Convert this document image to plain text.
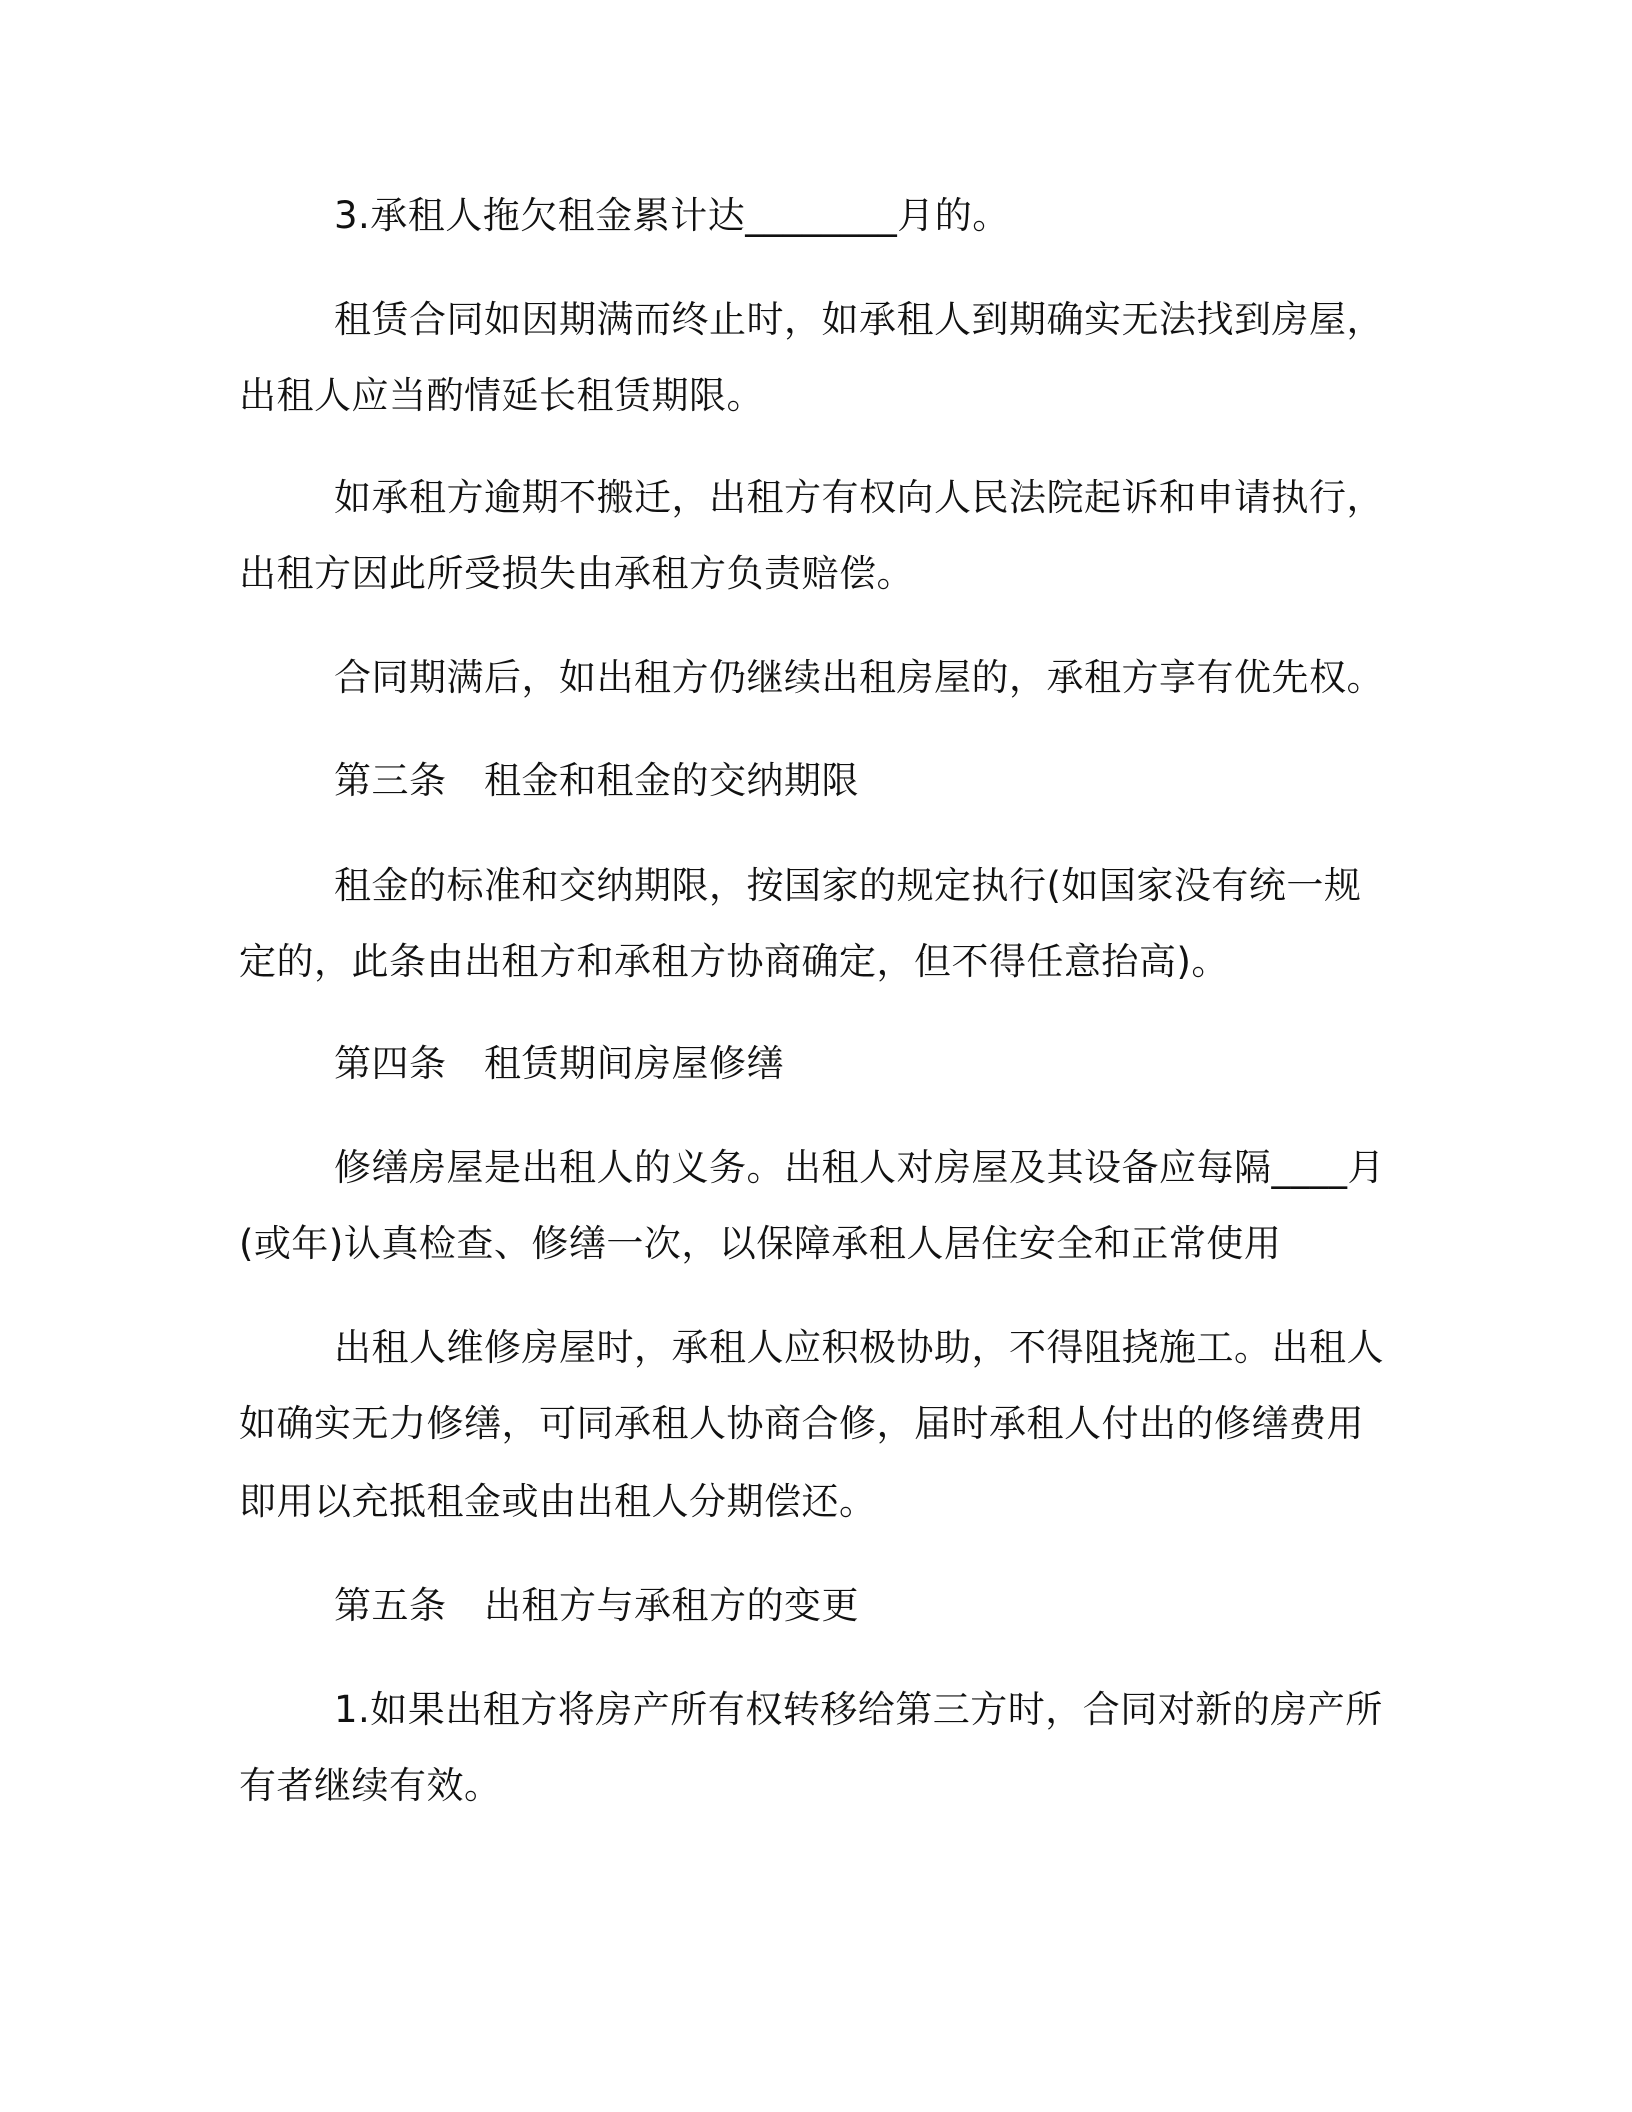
3.承租人拖欠租金累计达________月的。
租赁合同如因期满而终止时，如承租人到期确实无法找到房屋，
出租人应当酌情延长租赁期限。
如承租方逾期不搬迁，出租方有权向人民法院起诉和申请执行，
出租方因此所受损失由承租方负责赔偿。
合同期满后，如出租方仍继续出租房屋的，承租方享有优先权。
第三条　租金和租金的交纳期限
租金的标准和交纳期限，按国家的规定执行(如国家没有统一规
定的，此条由出租方和承租方协商确定，但不得任意抬高)。
第四条　租赁期间房屋修缮
修缮房屋是出租人的义务。出租人对房屋及其设备应每隔____月
(或年)认真检查、修缮一次，以保障承租人居住安全和正常使用
出租人维修房屋时，承租人应积极协助，不得阻挠施工。出租人
如确实无力修缮，可同承租人协商合修，届时承租人付出的修缮费用
即用以充抵租金或由出租人分期偿还。
第五条　出租方与承租方的变更
1.如果出租方将房产所有权转移给第三方时，合同对新的房产所
有者继续有效。
